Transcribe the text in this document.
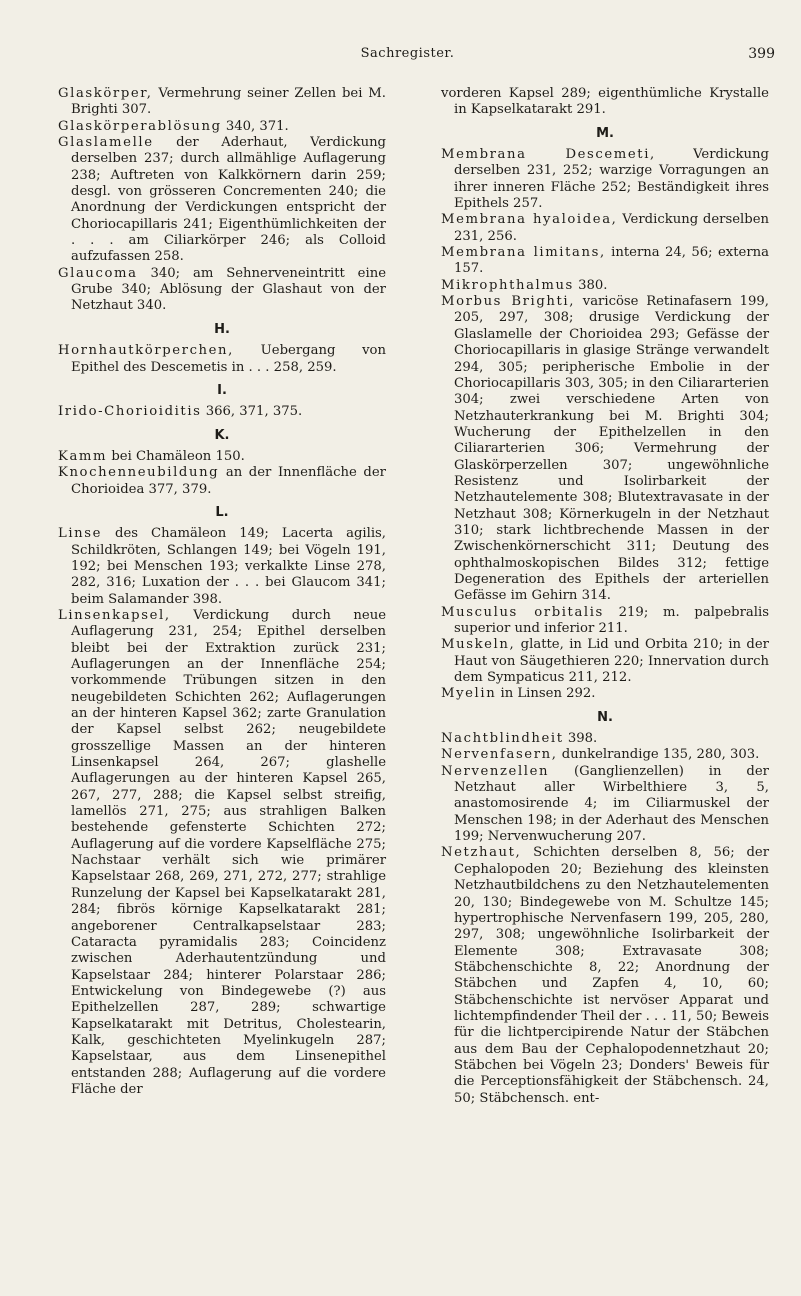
Sachregister.	399

Glaskörper, Vermehrung seiner Zellen bei M. Brighti 307.

Glaskörperablösung 340, 371.

Glaslamelle der Aderhaut, Verdickung derselben 237; durch allmählige Auflagerung 238; Auftreten von Kalkkörnern darin 259; desgl. von grösseren Concrementen 240; die Anordnung der Verdickungen entspricht der Choriocapillaris 241; Eigenthümlichkeiten der . . . am Ciliarkörper 246; als Colloid aufzufassen 258.

Glaucoma 340; am Sehnerveneintritt eine Grube 340; Ablösung der Glashaut von der Netzhaut 340.

H.

Hornhautkörperchen, Uebergang von Epithel des Descemetis in . . . 258, 259.

I.

Irido-Chorioiditis 366, 371, 375.

K.

Kamm bei Chamäleon 150.

Knochenneubildung an der Innenfläche der Chorioidea 377, 379.

L.

Linse des Chamäleon 149; Lacerta agilis, Schildkröten, Schlangen 149; bei Vögeln 191, 192; bei Menschen 193; verkalkte Linse 278, 282, 316; Luxation der . . . bei Glaucom 341; beim Salamander 398.

Linsenkapsel, Verdickung durch neue Auflagerung 231, 254; Epithel derselben bleibt bei der Extraktion zurück 231; Auflagerungen an der Innenfläche 254; vorkommende Trübungen sitzen in den neugebildeten Schichten 262; Auflagerungen an der hinteren Kapsel 362; zarte Granulation der Kapsel selbst 262; neugebildete grosszellige Massen an der hinteren Linsenkapsel 264, 267; glashelle Auflagerungen au der hinteren Kapsel 265, 267, 277, 288; die Kapsel selbst streifig, lamellös 271, 275; aus strahligen Balken bestehende gefensterte Schichten 272; Auflagerung auf die vordere Kapselfläche 275; Nachstaar verhält sich wie primärer Kapselstaar 268, 269, 271, 272, 277; strahlige Runzelung der Kapsel bei Kapselkatarakt 281, 284; fibrös körnige Kapselkatarakt 281; angeborener Centralkapselstaar 283; Cataracta pyramidalis 283; Coincidenz zwischen Aderhautentzündung und Kapselstaar 284; hinterer Polarstaar 286; Entwickelung von Bindegewebe (?) aus Epithelzellen 287, 289; schwartige Kapselkatarakt mit Detritus, Cholestearin, Kalk, geschichteten Myelinkugeln 287; Kapselstaar, aus dem Linsenepithel entstanden 288; Auflagerung auf die vordere Fläche der

vorderen Kapsel 289; eigenthümliche Krystalle in Kapselkatarakt 291.

M.

Membrana Descemeti,	Verdickung derselben 231, 252; warzige Vorragungen an ihrer inneren Fläche 252; Beständigkeit ihres Epithels 257.

Membrana hyaloidea, Verdickung derselben 231, 256.

Membrana limitans, interna 24, 56; externa 157.

Mikrophthalmus 380.

Morbus Brighti, varicöse Retinafasern 199, 205, 297, 308; drusige Verdickung der Glaslamelle der Chorioidea 293; Gefässe der Choriocapillaris in glasige Stränge verwandelt 294, 305; peripherische Embolie in der Choriocapillaris 303, 305; in den Ciliararterien 304; zwei verschiedene Arten von Netzhauterkrankung bei M. Brighti 304; Wucherung der Epithelzellen in den Ciliararterien 306; Vermehrung der Glaskörperzellen 307; ungewöhnliche Resistenz und Isolirbarkeit der Netzhautelemente 308; Blutextravasate in der Netzhaut 308; Körnerkugeln in der Netzhaut 310; stark lichtbrechende Massen in der Zwischenkörnerschicht 311; Deutung des ophthalmoskopischen Bildes 312; fettige Degeneration des Epithels der arteriellen Gefässe im Gehirn 314.

Musculus orbitalis 219; m. palpebralis superior und inferior 211.

Muskeln, glatte, in Lid und Orbita 210; in der Haut von Säugethieren 220; Innervation durch dem Sympaticus 211, 212.

Myelin in Linsen 292.

N.

Nachtblindheit 398.

Nervenfasern, dunkelrandige 135, 280, 303.

Nervenzellen (Ganglienzellen) in der Netzhaut aller Wirbelthiere 3, 5, anastomosirende 4; im Ciliarmuskel der Menschen 198; in der Aderhaut des Menschen 199; Nervenwucherung 207.

Netzhaut, Schichten derselben 8, 56; der Cephalopoden 20; Beziehung des kleinsten Netzhautbildchens zu den Netzhautelementen 20, 130; Bindegewebe von M. Schultze 145; hypertrophische Nervenfasern 199, 205, 280, 297, 308; ungewöhnliche Isolirbarkeit der Elemente 308; Extravasate 308; Stäbchenschichte 8, 22; Anordnung der Stäbchen und Zapfen 4, 10, 60; Stäbchenschichte ist nervöser Apparat und lichtempfindender Theil der . . . 11, 50; Beweis für die lichtpercipirende Natur der Stäbchen aus dem Bau der Cephalopodennetzhaut 20; Stäbchen bei Vögeln 23; Donders' Beweis für die Perceptionsfähigkeit der Stäbchensch. 24, 50; Stäbchensch. ent-
